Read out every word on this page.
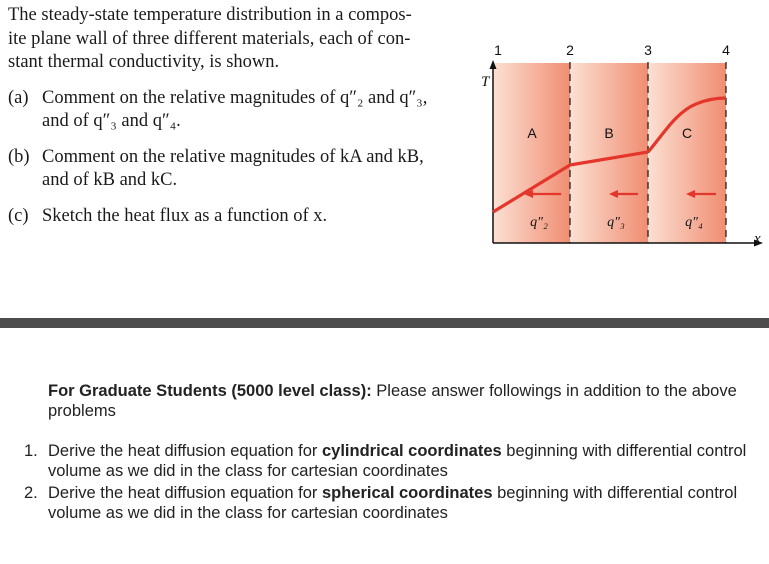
The steady-state temperature distribution in a compos-
ite plane wall of three different materials, each of con-
stant thermal conductivity, is shown.

(a) Comment on the relative magnitudes of q″₂ and q″₃,
and of q″₃ and q″₄.

(b) Comment on the relative magnitudes of kA and kB,
and of kB and kC.

(c) Sketch the heat flux as a function of x.

T
x
1	2	3	4
A	B	C
q″₂	q″₃	q″₄

For Graduate Students (5000 level class): Please answer followings in addition to the above problems

1. Derive the heat diffusion equation for cylindrical coordinates beginning with differential control volume as we did in the class for cartesian coordinates
2. Derive the heat diffusion equation for spherical coordinates beginning with differential control volume as we did in the class for cartesian coordinates
